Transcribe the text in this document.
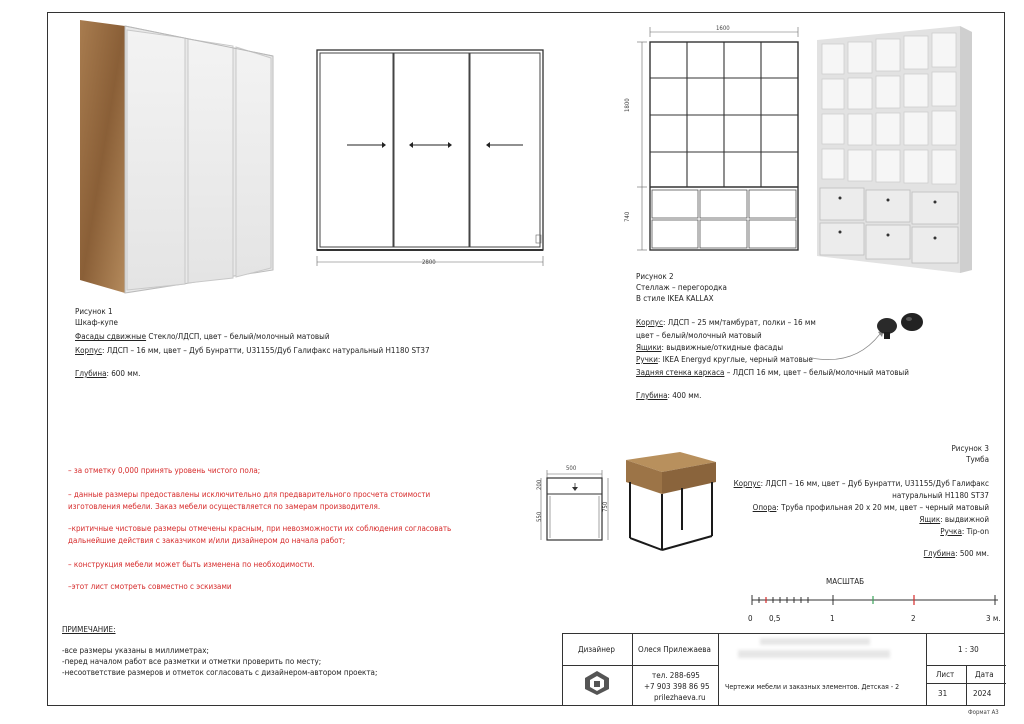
2800
Рисунок 1
Шкаф-купе
Фасады сдвижные Стекло/ЛДСП, цвет – белый/молочный матовый
Корпус: ЛДСП – 16 мм, цвет – Дуб Бунратти, U31155/Дуб Галифакс натуральный H1180 ST37
Глубина: 600 мм.
1600
1800
740
Рисунок 2
Стеллаж – перегородка
В стиле IKEA KALLAX
Корпус: ЛДСП – 25 мм/тамбурат, полки – 16 мм
цвет – белый/молочный матовый
Ящики: выдвижные/откидные фасады
Ручки: IKEA Energyd круглые, черный матовые
Задняя стенка каркаса – ЛДСП 16 мм, цвет – белый/молочный матовый
Глубина: 400 мм.
– за отметку 0,000 принять уровень чистого пола;
– данные размеры предоставлены исключительно для предварительного просчета стоимости
изготовления мебели. Заказ мебели осуществляется по замерам производителя.
–критичные чистовые размеры отмечены красным, при невозможности их соблюдения согласовать
дальнейшие действия с заказчиком и/или дизайнером до начала работ;
– конструкция мебели может быть изменена по необходимости.
–этот лист смотреть совместно с эскизами
ПРИМЕЧАНИЕ:
-все размеры указаны в миллиметрах;
-перед началом работ все разметки и отметки проверить по месту;
-несоответствие размеров и отметок согласовать с дизайнером-автором проекта;
500
200
550
750
Рисунок 3
Тумба
Корпус: ЛДСП – 16 мм, цвет – Дуб Бунратти, U31155/Дуб Галифакс
натуральный H1180 ST37
Опора: Труба профильная 20 х 20 мм, цвет – черный матовый
Ящик: выдвижной
Ручка: Tip-on
Глубина: 500 мм.
МАСШТАБ
0 0,5	1	2	3 м.
Дизайнер	Олеся Прилежаева
тел. 288-695
+7 903 398 86 95
prilezhaeva.ru
Чертежи мебели и заказных элементов. Детская - 2
1 : 30
Лист	Дата
31	2024
Формат А3
